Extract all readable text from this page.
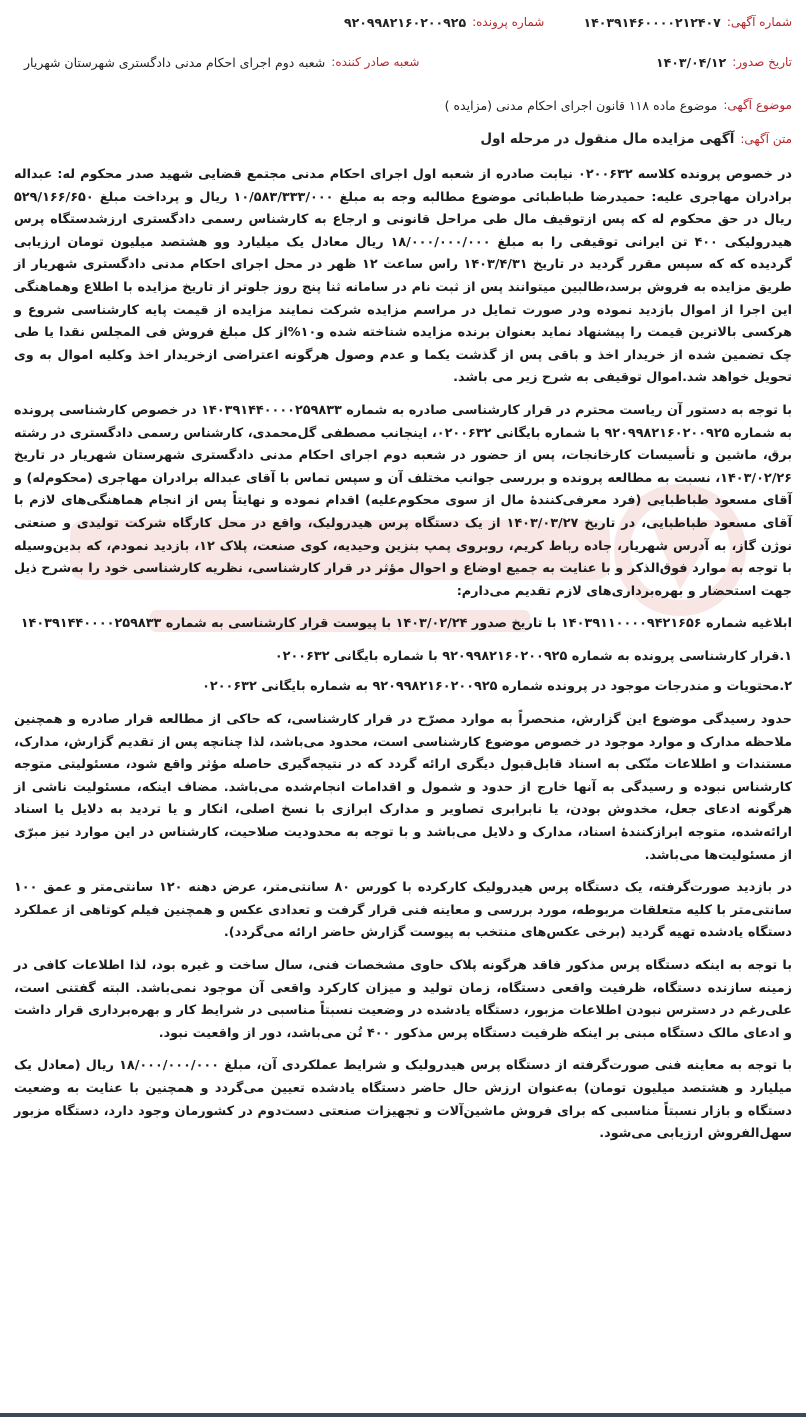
شماره آگهی:
۱۴۰۳۹۱۴۶۰۰۰۰۲۱۲۴۰۷
شماره پرونده:
۹۲۰۹۹۸۲۱۶۰۲۰۰۹۲۵
تاریخ صدور:
۱۴۰۳/۰۴/۱۲
شعبه صادر کننده:
شعبه دوم اجرای احکام مدنی دادگستری شهرستان شهریار
موضوع آگهی:
موضوع ماده ۱۱۸ قانون اجرای احکام مدنی (مزایده )
متن آگهی:
آگهی مزایده مال منقول در مرحله اول

در خصوص پرونده کلاسه ۰۲۰۰۶۳۲ نیابت صادره از شعبه اول اجرای احکام مدنی مجتمع قضایی شهید صدر محکوم له: عبداله برادران مهاجری علیه: حمیدرضا طباطبائی موضوع مطالبه وجه به مبلغ ۱۰/۵۸۳/۳۳۳/۰۰۰ ریال و پرداخت مبلغ ۵۲۹/۱۶۶/۶۵۰ ریال در حق محکوم له که پس ازتوقیف مال طی مراحل قانونی و ارجاع به کارشناس رسمی دادگستری ارزشدستگاه پرس هیدرولیکی ۴۰۰ تن ایرانی توقیفی را به مبلغ ۱۸/۰۰۰/۰۰۰/۰۰۰ ریال معادل یک میلیارد وو هشتصد میلیون تومان ارزیابی گردیده که که سپس مقرر گردید در تاریخ ۱۴۰۳/۴/۳۱ راس ساعت ۱۲ ظهر در محل اجرای احکام مدنی دادگستری شهریار از طریق مزایده به فروش برسد،طالبین میتوانند پس از ثبت نام در سامانه ثنا پنج روز جلوتر از تاریخ مزایده با اطلاع وهماهنگی این اجرا از اموال بازدید نموده ودر صورت تمایل در مراسم مزایده شرکت نمایند مزایده از قیمت پایه کارشناسی شروع و هرکسی بالاترین قیمت را پیشنهاد نماید بعنوان برنده مزایده شناخته شده و۱۰%از کل مبلغ فروش فی المجلس نقدا یا طی چک تضمین شده از خریدار اخذ و باقی پس از گذشت یکما و عدم وصول هرگونه اعتراضی ازخریدار اخذ وکلیه اموال به وی تحویل خواهد شد.اموال توقیفی به شرح زیر می باشد.

با توجه به دستور آن ریاست محترم در قرار کارشناسی صادره به شماره ۱۴۰۳۹۱۴۴۰۰۰۰۲۵۹۸۳۳ در خصوص کارشناسی پرونده به شماره ۹۲۰۹۹۸۲۱۶۰۲۰۰۹۲۵ با شماره بایگانی ۰۲۰۰۶۳۲، اینجانب مصطفی گل‌محمدی، کارشناس رسمی دادگستری در رشته برق، ماشین و تأسیسات کارخانجات، پس از حضور در شعبه دوم اجرای احکام مدنی دادگستری شهرستان شهریار در تاریخ ۱۴۰۳/۰۲/۲۶، نسبت به مطالعه پرونده و بررسی جوانب مختلف آن و سپس تماس با آقای عبداله برادران مهاجری (محکوم‌له) و آقای مسعود طباطبایی (فرد معرفی‌کنندهٔ مال از سوی محکوم‌علیه) اقدام نموده و نهایتاً پس از انجام هماهنگی‌های لازم با آقای مسعود طباطبایی، در تاریخ ۱۴۰۳/۰۳/۲۷ از یک دستگاه پرس هیدرولیک، واقع در محل کارگاه شرکت تولیدی و صنعتی نوژن گاز، به آدرس شهریار، جاده رباط کریم، روبروی پمپ بنزین وحیدیه، کوی صنعت، پلاک ۱۲، بازدید نمودم، که بدین‌وسیله با توجه به موارد فوق‌الذکر و با عنایت به جمیع اوضاع و احوال مؤثر در قرار کارشناسی، نظریه کارشناسی خود را به‌شرح ذیل جهت استحضار و بهره‌برداری‌های لازم تقدیم می‌دارم:

ابلاغیه شماره ۱۴۰۳۹۱۱۰۰۰۰۹۴۲۱۶۵۶ با تاریخ صدور ۱۴۰۳/۰۲/۲۴ با پیوست قرار کارشناسی به شماره ۱۴۰۳۹۱۴۴۰۰۰۰۲۵۹۸۳۳

۱.قرار کارشناسی پرونده به شماره ۹۲۰۹۹۸۲۱۶۰۲۰۰۹۲۵ با شماره بایگانی ۰۲۰۰۶۳۲

۲.محتویات و مندرجات موجود در پرونده شماره ۹۲۰۹۹۸۲۱۶۰۲۰۰۹۲۵ به شماره بایگانی ۰۲۰۰۶۳۲

حدود رسیدگی موضوع این گزارش، منحصراً به موارد مصرّح در قرار کارشناسی، که حاکی از مطالعه قرار صادره و همچنین ملاحظه مدارک و موارد موجود در خصوص موضوع کارشناسی است، محدود می‌باشد، لذا چنانچه پس از تقدیم گزارش، مدارک، مستندات و اطلاعات متّکی به اسناد قابل‌قبول دیگری ارائه گردد که در نتیجه‌گیری حاصله مؤثر واقع شود، مسئولیتی متوجه کارشناس نبوده و رسیدگی به آنها خارج از حدود و شمول و اقدامات انجام‌شده می‌باشد. مضاف اینکه، مسئولیت ناشی از هرگونه ادعای جعل، مخدوش بودن، یا نابرابری تصاویر و مدارک ابرازی با نسخ اصلی، انکار و یا تردید به دلایل یا اسناد ارائه‌شده، متوجه ابرازکنندهٔ اسناد، مدارک و دلایل می‌باشد و با توجه به محدودیت صلاحیت، کارشناس در این موارد نیز مبرّی از مسئولیت‌ها می‌باشد.

در بازدید صورت‌گرفته، یک دستگاه پرس هیدرولیک کارکرده با کورس ۸۰ سانتی‌متر، عرض دهنه ۱۲۰ سانتی‌متر و عمق ۱۰۰ سانتی‌متر با کلیه متعلقات مربوطه، مورد بررسی و معاینه فنی قرار گرفت و تعدادی عکس و همچنین فیلم کوتاهی از عملکرد دستگاه یادشده تهیه گردید (برخی عکس‌های منتخب به پیوست گزارش حاضر ارائه می‌گردد).

با توجه به اینکه دستگاه پرس مذکور فاقد هرگونه پلاک حاوی مشخصات فنی، سال ساخت و غیره بود، لذا اطلاعات کافی در زمینه سازنده دستگاه، ظرفیت واقعی دستگاه، زمان تولید و میزان کارکرد واقعی آن موجود نمی‌باشد. البته گفتنی است، علی‌رغم در دسترس نبودن اطلاعات مزبور، دستگاه یادشده در وضعیت نسبتاً مناسبی در شرایط کار و بهره‌برداری قرار داشت و ادعای مالک دستگاه مبنی بر اینکه ظرفیت دستگاه پرس مذکور ۴۰۰ تُن می‌باشد، دور از واقعیت نبود.

با توجه به معاینه فنی صورت‌گرفته از دستگاه پرس هیدرولیک و شرایط عملکردی آن، مبلغ ۱۸/۰۰۰/۰۰۰/۰۰۰ ریال (معادل یک میلیارد و هشتصد میلیون تومان) به‌عنوان ارزش حال حاضر دستگاه یادشده تعیین می‌گردد و همچنین با عنایت به وضعیت دستگاه و بازار نسبتاً مناسبی که برای فروش ماشین‌آلات و تجهیزات صنعتی دست‌دوم در کشورمان وجود دارد، دستگاه مزبور سهل‌الفروش ارزیابی می‌شود.
